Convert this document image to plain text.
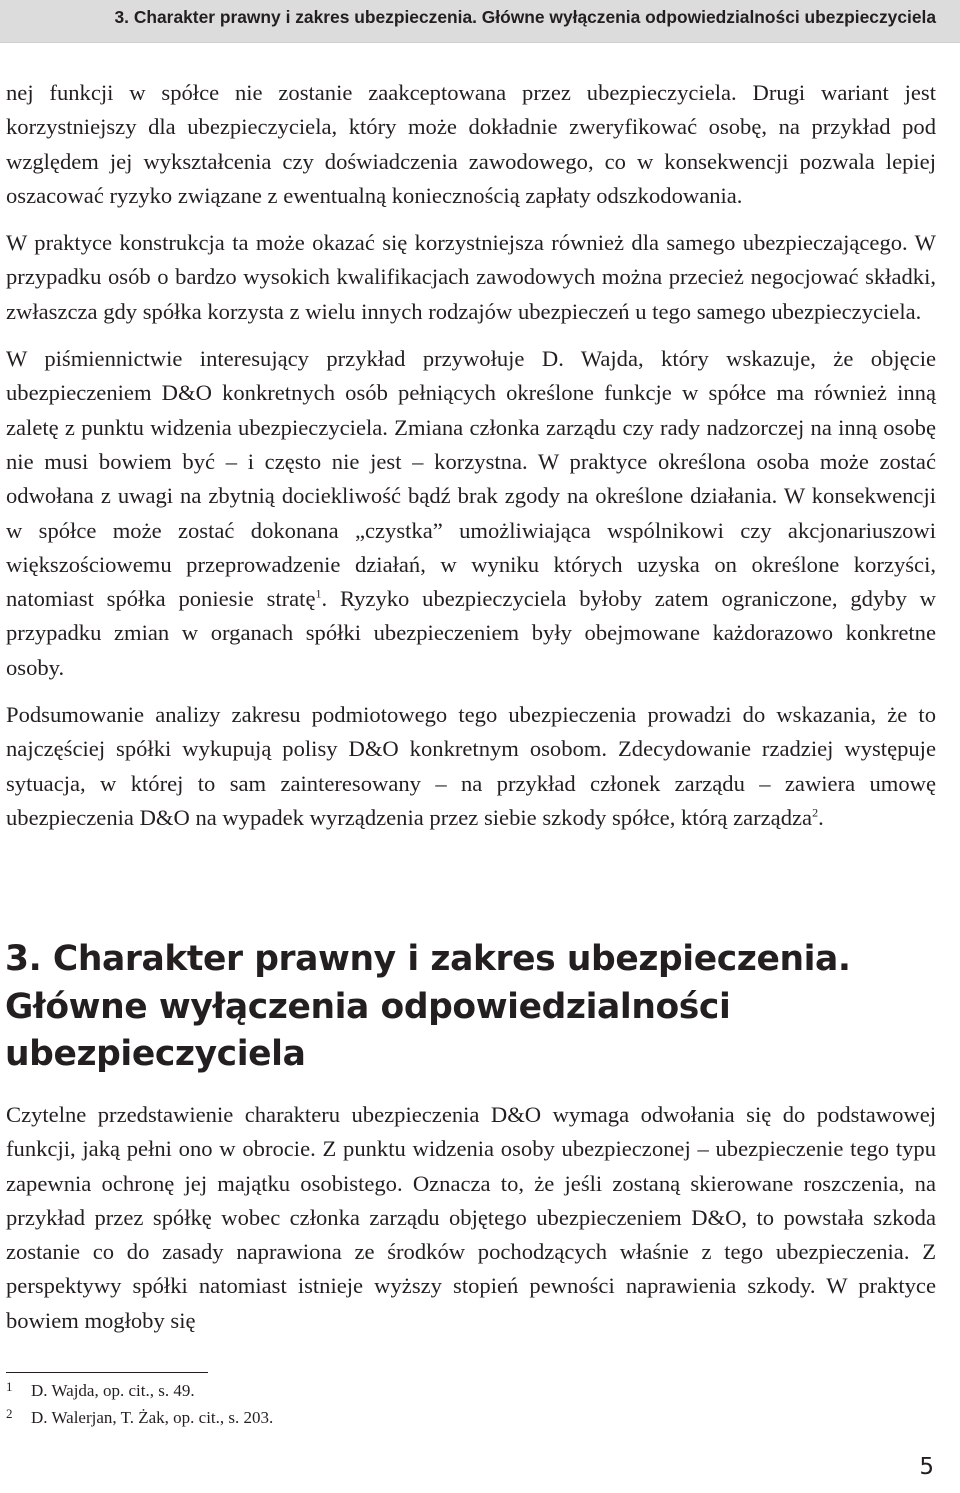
3. Charakter prawny i zakres ubezpieczenia. Główne wyłączenia odpowiedzialności ubezpieczyciela

nej funkcji w spółce nie zostanie zaakceptowana przez ubezpieczyciela. Drugi wariant jest korzystniejszy dla ubezpieczyciela, który może dokładnie zweryfikować osobę, na przykład pod względem jej wykształcenia czy doświadczenia zawodowego, co w konsekwencji pozwala lepiej oszacować ryzyko związane z ewentualną koniecznością zapłaty odszkodowania.

W praktyce konstrukcja ta może okazać się korzystniejsza również dla samego ubezpieczającego. W przypadku osób o bardzo wysokich kwalifikacjach zawodowych można przecież negocjować składki, zwłaszcza gdy spółka korzysta z wielu innych rodzajów ubezpieczeń u tego samego ubezpieczyciela.

W piśmiennictwie interesujący przykład przywołuje D. Wajda, który wskazuje, że objęcie ubezpieczeniem D&O konkretnych osób pełniących określone funkcje w spółce ma również inną zaletę z punktu widzenia ubezpieczyciela. Zmiana członka zarządu czy rady nadzorczej na inną osobę nie musi bowiem być – i często nie jest – korzystna. W praktyce określona osoba może zostać odwołana z uwagi na zbytnią dociekliwość bądź brak zgody na określone działania. W konsekwencji w spółce może zostać dokonana „czystka” umożliwiająca wspólnikowi czy akcjonariuszowi większościowemu przeprowadzenie działań, w wyniku których uzyska on określone korzyści, natomiast spółka poniesie stratę$^1$. Ryzyko ubezpieczyciela byłoby zatem ograniczone, gdyby w przypadku zmian w organach spółki ubezpieczeniem były obejmowane każdorazowo konkretne osoby.

Podsumowanie analizy zakresu podmiotowego tego ubezpieczenia prowadzi do wskazania, że to najczęściej spółki wykupują polisy D&O konkretnym osobom. Zdecydowanie rzadziej występuje sytuacja, w której to sam zainteresowany – na przykład członek zarządu – zawiera umowę ubezpieczenia D&O na wypadek wyrządzenia przez siebie szkody spółce, którą zarządza$^2$.

3. Charakter prawny i zakres ubezpieczenia.
Główne wyłączenia odpowiedzialności
ubezpieczyciela

Czytelne przedstawienie charakteru ubezpieczenia D&O wymaga odwołania się do podstawowej funkcji, jaką pełni ono w obrocie. Z punktu widzenia osoby ubezpieczonej – ubezpieczenie tego typu zapewnia ochronę jej majątku osobistego. Oznacza to, że jeśli zostaną skierowane roszczenia, na przykład przez spółkę wobec członka zarządu objętego ubezpieczeniem D&O, to powstała szkoda zostanie co do zasady naprawiona ze środków pochodzących właśnie z tego ubezpieczenia. Z perspektywy spółki natomiast istnieje wyższy stopień pewności naprawienia szkody. W praktyce bowiem mogłoby się

1 D. Wajda, op. cit., s. 49.
2 D. Walerjan, T. Żak, op. cit., s. 203.
5
